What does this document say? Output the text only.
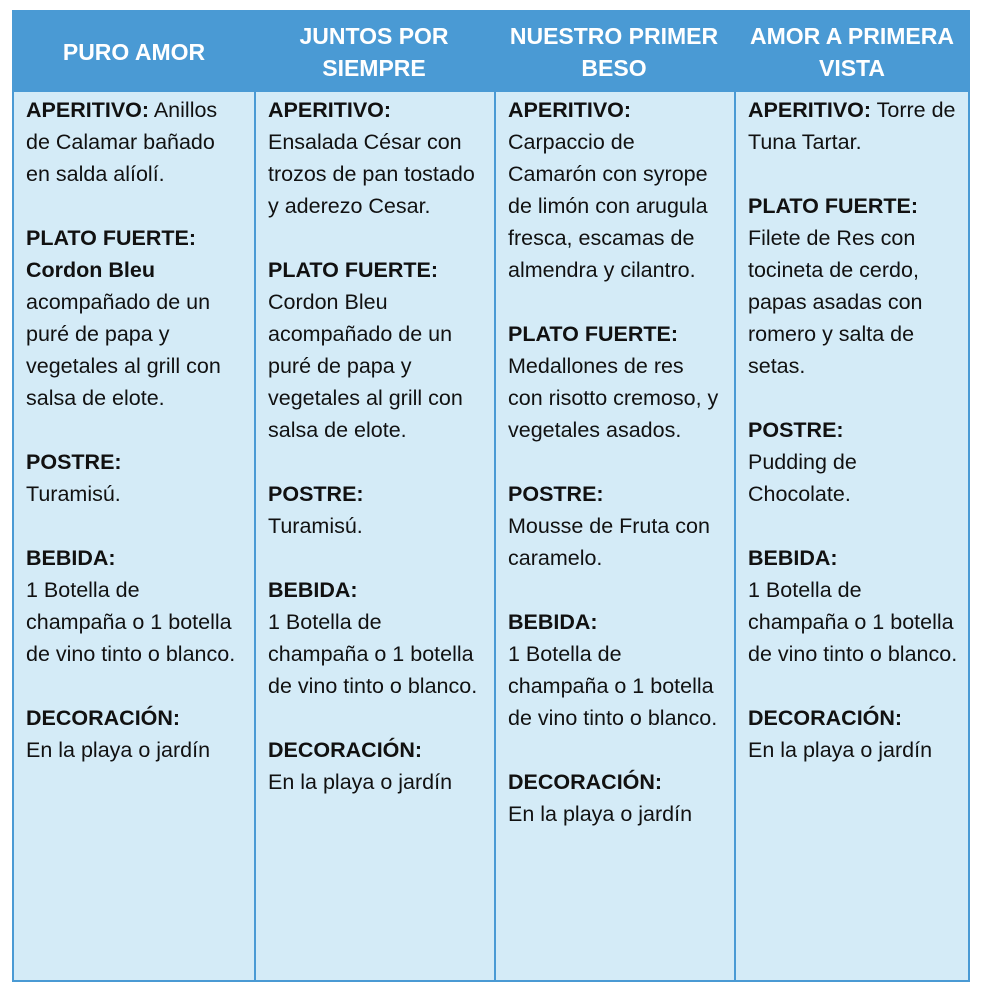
PURO AMOR
JUNTOS POR SIEMPRE
NUESTRO PRIMER BESO
AMOR A PRIMERA VISTA
APERITIVO: Anillos de Calamar bañado en salda alíolí.
PLATO FUERTE:
Cordon Bleu acompañado de un puré de papa y vegetales al grill con salsa de elote.
POSTRE:
Turamisú.
BEBIDA:
1 Botella de champaña o 1 botella de vino tinto o blanco.
DECORACIÓN:
En la playa o jardín
APERITIVO:
Ensalada César con trozos de pan tostado y aderezo Cesar.
PLATO FUERTE:
Cordon Bleu acompañado de un puré de papa y vegetales al grill con salsa de elote.
POSTRE:
Turamisú.
BEBIDA:
1 Botella de champaña o 1 botella de vino tinto o blanco.
DECORACIÓN:
En la playa o jardín
APERITIVO:
Carpaccio de Camarón con syrope de limón con arugula fresca, escamas de almendra y cilantro.
PLATO FUERTE:
Medallones de res con risotto cremoso, y vegetales asados.
POSTRE:
Mousse de Fruta con caramelo.
BEBIDA:
1 Botella de champaña o 1 botella de vino tinto o blanco.
DECORACIÓN:
En la playa o jardín
APERITIVO: Torre de Tuna Tartar.
PLATO FUERTE:
Filete de Res con tocineta de cerdo, papas asadas con romero y salta de setas.
POSTRE:
Pudding de Chocolate.
BEBIDA:
1 Botella de champaña o 1 botella de vino tinto o blanco.
DECORACIÓN:
En la playa o jardín
